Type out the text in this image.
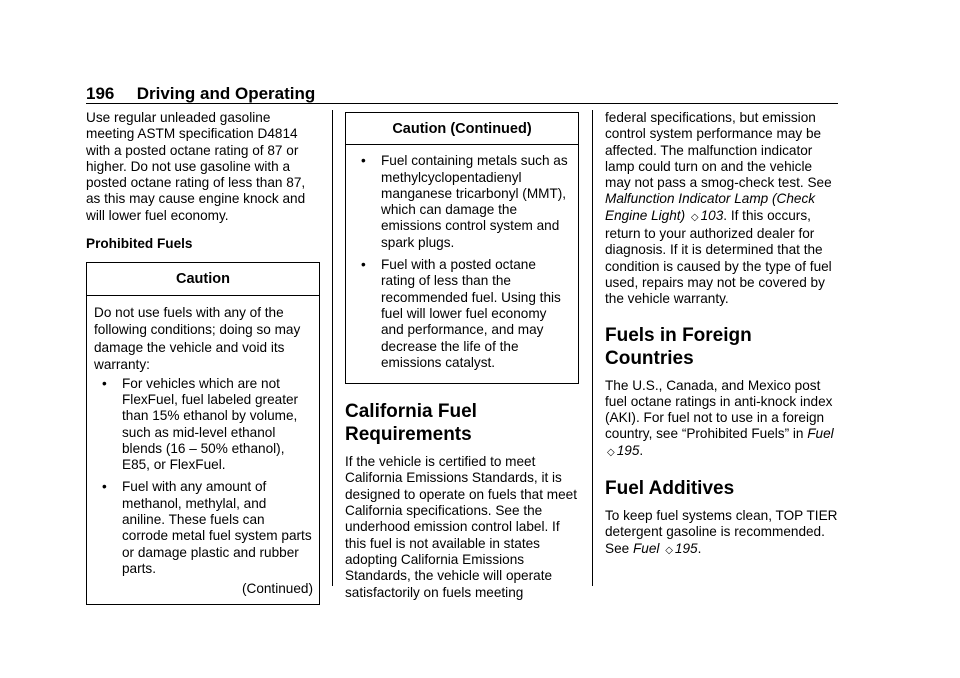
196 Driving and Operating

Use regular unleaded gasoline meeting ASTM specification D4814 with a posted octane rating of 87 or higher. Do not use gasoline with a posted octane rating of less than 87, as this may cause engine knock and will lower fuel economy.

Prohibited Fuels

Caution
Do not use fuels with any of the following conditions; doing so may damage the vehicle and void its warranty:
•	For vehicles which are not FlexFuel, fuel labeled greater than 15% ethanol by volume, such as mid-level ethanol blends (16 – 50% ethanol), E85, or FlexFuel.
•	Fuel with any amount of methanol, methylal, and aniline. These fuels can corrode metal fuel system parts or damage plastic and rubber parts.
(Continued)
Caution (Continued)
•	Fuel containing metals such as methylcyclopentadienyl manganese tricarbonyl (MMT), which can damage the emissions control system and spark plugs.
•	Fuel with a posted octane rating of less than the recommended fuel. Using this fuel will lower fuel economy and performance, and may decrease the life of the emissions catalyst.

California Fuel Requirements

If the vehicle is certified to meet California Emissions Standards, it is designed to operate on fuels that meet California specifications. See the underhood emission control label. If this fuel is not available in states adopting California Emissions Standards, the vehicle will operate satisfactorily on fuels meeting

federal specifications, but emission control system performance may be affected. The malfunction indicator lamp could turn on and the vehicle may not pass a smog-check test. See Malfunction Indicator Lamp (Check Engine Light) ◇ 103. If this occurs, return to your authorized dealer for diagnosis. If it is determined that the condition is caused by the type of fuel used, repairs may not be covered by the vehicle warranty.

Fuels in Foreign Countries

The U.S., Canada, and Mexico post fuel octane ratings in anti-knock index (AKI). For fuel not to use in a foreign country, see “Prohibited Fuels” in Fuel ◇ 195.

Fuel Additives

To keep fuel systems clean, TOP TIER detergent gasoline is recommended. See Fuel ◇ 195.
